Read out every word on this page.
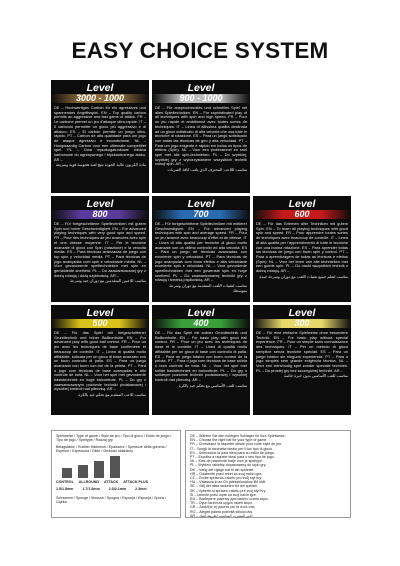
EASY CHOICE SYSTEM
Level
3000 - 1000
DE – Hochwertiges Carbon für ein agressives und spannendes Angriffsspiel. EN – Top quality carbon permits an aggressive and fast game of attack. FR – Le carbone permet un jeu d'attaque ultra-rapide. IT – Il carbonio permette un gioco più aggressivo e di attacco. ES – El carbón permite un juego ultra-rápido. PT – Carbon de alta qualidade para um jogo de ataque agressivo e incondicional. NL – Hoogwaardig Carbon voor een ultiemate competitief spel. PL – Dwa wysokogatunkowe włókna karbonowe do agresywnego i błyskawicznego ataku. AR –
مادة الكربون عالية الجودة تتيح لعبة هجومية قوية وسريعة
Level
900 - 1000
DE – Für anspruchsvolles und schnelles Spiel mit allen Spieltechniken. EN – For sophisticated play of all techniques with spin and high speed. FR – Pour un jeu rapide et ambitionné avec toutes sortes de techniques. IT – Linea di altissima qualità destinata ad un gioco sofisticato di alta velocità che usa tutte le tecniche di rotazione. ES – Para un juego sofisticado con todas las técnicas de giro y alta velocidad. PT – Para um jogo exigente e rápido em todos os tipos de efeitos (Spin). NL – Voor een professionel en snel spel met alle spin-technieken. PL – Do szybkiej, szybkiej gry z wykorzystaniem wszystkich technik rotacji spin. AR –
مناسب لللاعب المحترف الذي يلعب كافة الضربات
Level
800
DE – Für fortgeschrittene Spieltechniken mit gutem Spin und hoher Geschwindigkeit. EN – For advanced playing techniques with very good spin and speed. FR – Pour des techniques de jeu avancées avec spin et une vitesse moyenne. IT – Per le tecniche avanzate di gioco con Spin (rotazione) e la velocità media. ES – Para técnicas avanzadas de juego con top spin y velocidad media. PT – Para técnicas de jogo avançadas com spin e velocidade média. NL – Voor gevanceerde spelltechnieken met spin en gemiddelde snelheid. PL – Do zaawansowanej gry z dobrą rotacją i dużą szybkością. AR –
مناسب للاعبين المتقدمين مع دوران جيد وسرعة
Level
700
DE – Für fortgeschrittene Spieltechniken mit mittlerer Geschwindigkeit. EN – For advanced playing techniques with spin and average speed. FR – Pour un jeu avancé avec beaucoup d'effet et de vitesse. IT – Linea di alta qualità per tecniche di gioco molto avanzate con un ottimo controllo ed alta velocità. ES – Para un juego de técnicas avanzadas con excelente spin y velocidad. PT – Para técnicas de jogo avançadas com bons efeitos e alta velocidade excelente spin e velocidad. NL – Voor gevorderde speeltechnieken met een gewenste spin en hoge snelheid. PL – Do zaawansowanej techniki gry z rotacją i średnią prędkością. AR –
مناسب لتقنيات اللعب المتقدمة مع دوران وسرعة متوسطة
Level
600
DE – Für das Erlernen aller Techniken mit gutem Spin. EN – To learn all playing techniques with good spin and speed. FR – Pour apprendre toutes sortes de techniques avec beaucoup de contrôle. IT – Linea di alta qualità per l'apprendimento di tutte le tecniche con una buona rotazione. ES – Para aprender todas las técnicas de juego con buen spin y control. PT – Para a aprendizagem de todas as técnicas e efeitos (Spin). NL – Voor het leren van alle technieken met een goede spin. PL – Do nauki wszystkich technik z dobrą rotacją. AR –
مناسب لتعلم جميع تقنيات اللعب مع دوران وسرعة جيدة
Level
500
DE – Für das Spiel mit fortgeschrittener Grundtechnik und hoher Ballkontrolle. EN – For advanced play with good ball control. FR – Pour un jeu avec les techniques de base confirmées et beaucoup de contrôle. IT – Linea di qualità molto affidabile, indicata per un gioco di base avanzato con un buon controllo di palla. ES – Para un juego avanzado con buen con-trol de la pelota. PT – Para o jogo com técnicas de base avançadas e alto controle de bola. NL – Voor het spel met gevorderde basistechniek en hoge balcontrole. PL – Do gry z zaawansowanym poziomie techniki podstawowej i wysokiej kontroli nad piłeczką. AR –
مناسب للاعب المتقدم مع تحكم جيد بالكرة
Level
400
DE – Für das Spiel mit solider Grundtechnik und Ballkontrolle. EN – For basic play with good ball control. FR – Pour un jeu avec les techniques de base et le contrôle. IT – Linea di qualità molto affidabile per un gioco di base con controllo di palla. ES – Para un juego básico con buen control de la pelota. PT – Para o jogo com técnicas de base sólida e bom controle de bola. NL – Voor het spel met solide basistechniek en balcontrole. PL – Do gry o solidnym poziomie techniki podstawowej i wysokiej kontroli nad piłeczką. AR –
مناسب للعب الأساسي مع تحكم جيد بالكرة
Level
300
DE – Für eine einfache Spielweise ohne besondere Technik. EN – For basic play without special experience. FR – Pour un simple sans connaissance des techniques. IT – Per un metodo di gioco semplice senza tecniche speciali. ES – Para un juego básico sin ninguna experiencia. PT – Para o jogo simples sem grande exigência técnica. NL – Voor een eenvoudig spel zonder speciale techniek. PL – Do prostej gry bez szczególnej techniki. AR –
مناسب للعب الأساسي بدون خبرة خاصة
Spielweise / Type of game / Style de jeu / Tipo di gioco / Estilo de juego / Tipo de jogo / Speltype / Rodzaj gry
Belagstärke / Rubber thickness / Epaisseur / Spessore della gomma / Espesor / Espessura / Dikte / Grubość okładziny
CONTROL ALLROUND ATTACK ATTACK PLUS
1.5/1.8mm	1.7/1.8mm	2.0/2.1mm	2.3mm
Schwamm / Sponge / Mousse / Spugna / Esponja / Esponja / Spons / Gąbka
DE – Wählen Sie den richtigen Schläger für Ihre Spielweise.
EN – Choose the right bat for your type of game.
FR – Choisissez la raquette idéale pour votre style de jeu.
IT – Scegli la racchetta ideale per il tuo tipo di gioco.
ES – Seleccione la pala ideal para su estilo de juego.
PT – Escolha a raquete ideal para o seu tipo de jogo.
NL – Kies de passende batje voor je speltype.
PL – Wybierz rakietkę dopasowaną do stylu gry.
DK – Vælg det rigtige bat til din spillestil.
HR – Odaberite pravi reket za svoj način igre.
CZ – Zvolte správnou raketu pro svůj styl hry.
HU – Válassza ki az Ön játékstílusához illő ütőt.
SE – Välj det rätta racketen för din spelstil.
SK – Vyberte si správnu raketu pre svoj štýl hry.
SI – Izberite pravi lopar za svoj način igre.
RU – Выберите ракетку для своего стиля игры.
TR – Oyun tarzınıza uygun raketi seçin.
GR – Διαλέξτε τη ρακέτα για το στυλ σας.
RO – Alegeți paleta potrivită stilului dvs.
AR – اختر المضرب المناسب لطريقة لعبك
